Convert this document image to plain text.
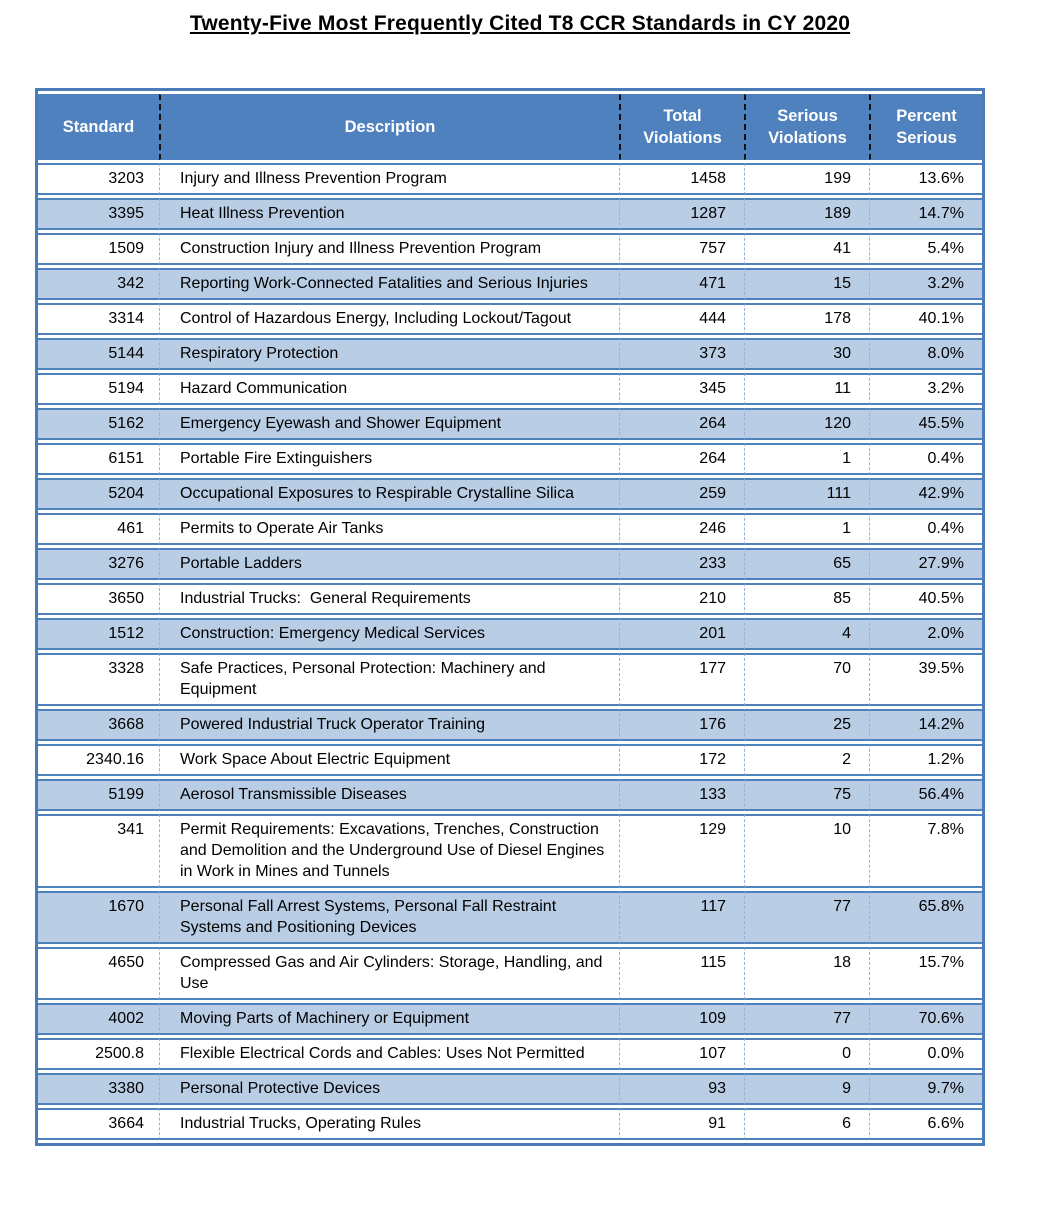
Twenty-Five Most Frequently Cited T8 CCR Standards in CY 2020
Standard	Description	Total Violations	Serious Violations	Percent Serious
3203	Injury and Illness Prevention Program	1458	199	13.6%
3395	Heat Illness Prevention	1287	189	14.7%
1509	Construction Injury and Illness Prevention Program	757	41	5.4%
342	Reporting Work-Connected Fatalities and Serious Injuries	471	15	3.2%
3314	Control of Hazardous Energy, Including Lockout/Tagout	444	178	40.1%
5144	Respiratory Protection	373	30	8.0%
5194	Hazard Communication	345	11	3.2%
5162	Emergency Eyewash and Shower Equipment	264	120	45.5%
6151	Portable Fire Extinguishers	264	1	0.4%
5204	Occupational Exposures to Respirable Crystalline Silica	259	111	42.9%
461	Permits to Operate Air Tanks	246	1	0.4%
3276	Portable Ladders	233	65	27.9%
3650	Industrial Trucks:  General Requirements	210	85	40.5%
1512	Construction: Emergency Medical Services	201	4	2.0%
3328	Safe Practices, Personal Protection: Machinery and Equipment	177	70	39.5%
3668	Powered Industrial Truck Operator Training	176	25	14.2%
2340.16	Work Space About Electric Equipment	172	2	1.2%
5199	Aerosol Transmissible Diseases	133	75	56.4%
341	Permit Requirements: Excavations, Trenches, Construction and Demolition and the Underground Use of Diesel Engines in Work in Mines and Tunnels	129	10	7.8%
1670	Personal Fall Arrest Systems, Personal Fall Restraint Systems and Positioning Devices	117	77	65.8%
4650	Compressed Gas and Air Cylinders: Storage, Handling, and Use	115	18	15.7%
4002	Moving Parts of Machinery or Equipment	109	77	70.6%
2500.8	Flexible Electrical Cords and Cables: Uses Not Permitted	107	0	0.0%
3380	Personal Protective Devices	93	9	9.7%
3664	Industrial Trucks, Operating Rules	91	6	6.6%
